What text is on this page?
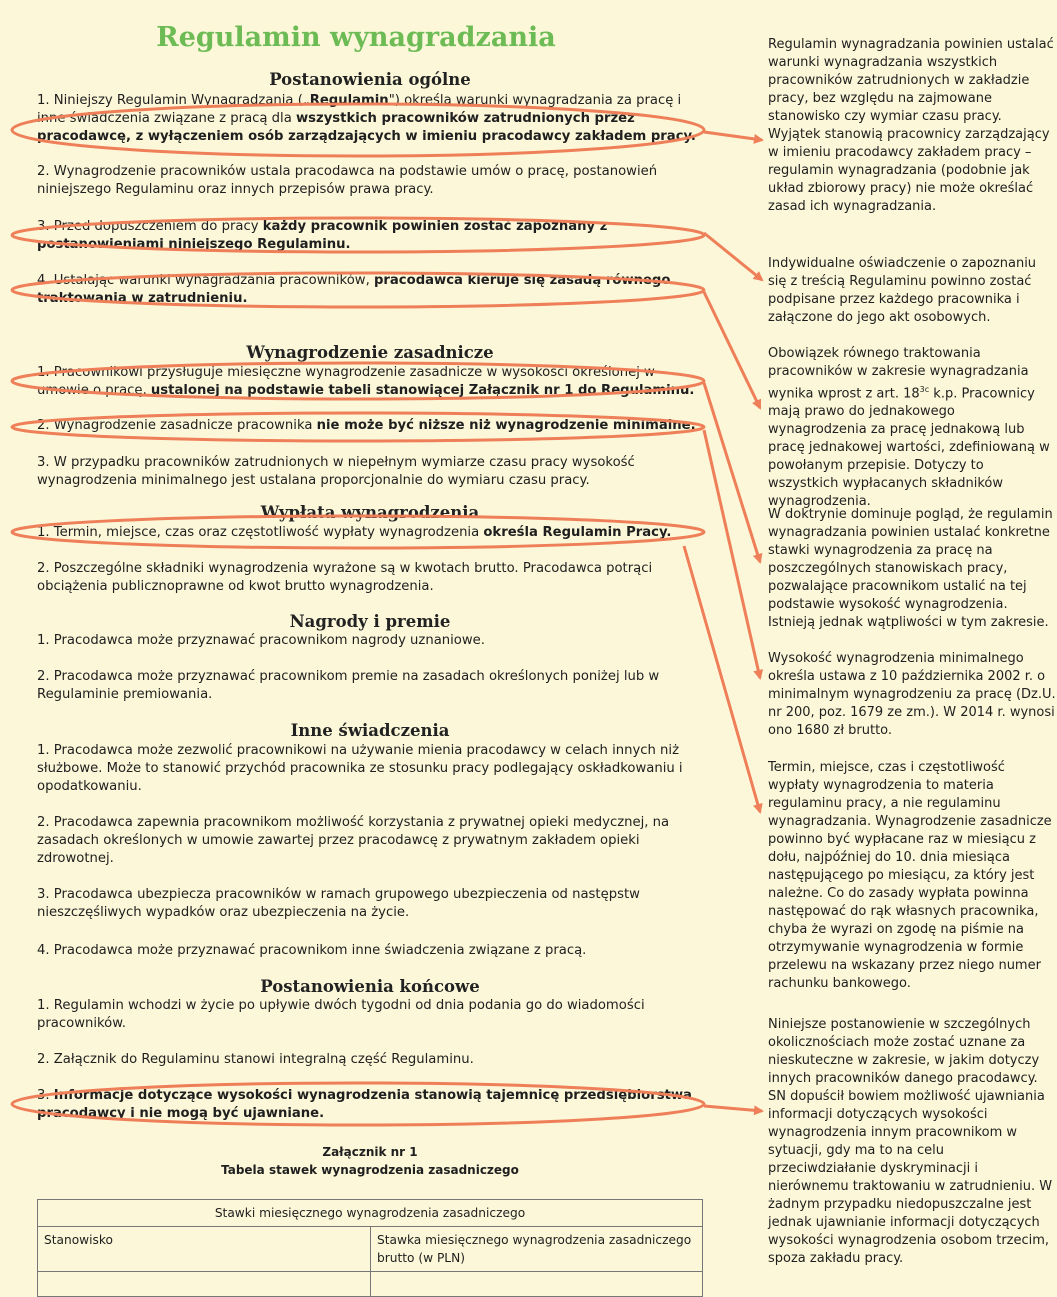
Regulamin wynagradzania
Postanowienia ogólne

1. Niniejszy Regulamin Wynagradzania („Regulamin") określa warunki wynagradzania za pracę i inne świadczenia związane z pracą dla wszystkich pracowników zatrudnionych przez pracodawcę, z wyłączeniem osób zarządzających w imieniu pracodawcy zakładem pracy.

2. Wynagrodzenie pracowników ustala pracodawca na podstawie umów o pracę, postanowień niniejszego Regulaminu oraz innych przepisów prawa pracy.

3. Przed dopuszczeniem do pracy każdy pracownik powinien zostać zapoznany z postanowieniami niniejszego Regulaminu.

4. Ustalając warunki wynagradzania pracowników, pracodawca kieruje się zasadą równego traktowania w zatrudnieniu.

Wynagrodzenie zasadnicze

1. Pracownikowi przysługuje miesięczne wynagrodzenie zasadnicze w wysokości określonej w umowie o pracę, ustalonej na podstawie tabeli stanowiącej Załącznik nr 1 do Regulaminu.

2. Wynagrodzenie zasadnicze pracownika nie może być niższe niż wynagrodzenie minimalne.

3. W przypadku pracowników zatrudnionych w niepełnym wymiarze czasu pracy wysokość wynagrodzenia minimalnego jest ustalana proporcjonalnie do wymiaru czasu pracy.

Wypłata wynagrodzenia

1. Termin, miejsce, czas oraz częstotliwość wypłaty wynagrodzenia określa Regulamin Pracy.

2. Poszczególne składniki wynagrodzenia wyrażone są w kwotach brutto. Pracodawca potrąci obciążenia publicznoprawne od kwot brutto wynagrodzenia.

Nagrody i premie

1. Pracodawca może przyznawać pracownikom nagrody uznaniowe.

2. Pracodawca może przyznawać pracownikom premie na zasadach określonych poniżej lub w Regulaminie premiowania.

Inne świadczenia

1. Pracodawca może zezwolić pracownikowi na używanie mienia pracodawcy w celach innych niż służbowe. Może to stanowić przychód pracownika ze stosunku pracy podlegający oskładkowaniu i opodatkowaniu.

2. Pracodawca zapewnia pracownikom możliwość korzystania z prywatnej opieki medycznej, na zasadach określonych w umowie zawartej przez pracodawcę z prywatnym zakładem opieki zdrowotnej.

3. Pracodawca ubezpiecza pracowników w ramach grupowego ubezpieczenia od następstw nieszczęśliwych wypadków oraz ubezpieczenia na życie.

4. Pracodawca może przyznawać pracownikom inne świadczenia związane z pracą.

Postanowienia końcowe

1. Regulamin wchodzi w życie po upływie dwóch tygodni od dnia podania go do wiadomości pracowników.

2. Załącznik do Regulaminu stanowi integralną część Regulaminu.

3. Informacje dotyczące wysokości wynagrodzenia stanowią tajemnicę przedsiębiorstwa pracodawcy i nie mogą być ujawniane.

Załącznik nr 1
Tabela stawek wynagrodzenia zasadniczego
Stawki miesięcznego wynagrodzenia zasadniczego	
Stanowisko	Stawka miesięcznego wynagrodzenia zasadniczego brutto (w PLN)

Regulamin wynagradzania powinien ustalać warunki wynagradzania wszystkich pracowników zatrudnionych w zakładzie pracy, bez względu na zajmowane stanowisko czy wymiar czasu pracy. Wyjątek stanowią pracownicy zarządzający w imieniu pracodawcy zakładem pracy – regulamin wynagradzania (podobnie jak układ zbiorowy pracy) nie może określać zasad ich wynagradzania.

Indywidualne oświadczenie o zapoznaniu się z treścią Regulaminu powinno zostać podpisane przez każdego pracownika i załączone do jego akt osobowych.

Obowiązek równego traktowania pracowników w zakresie wynagradzania wynika wprost z art. $18^{3c}$ k.p. Pracownicy mają prawo do jednakowego wynagrodzenia za pracę jednakową lub pracę jednakowej wartości, zdefiniowaną w powołanym przepisie. Dotyczy to wszystkich wypłacanych składników wynagrodzenia.

W doktrynie dominuje pogląd, że regulamin wynagradzania powinien ustalać konkretne stawki wynagrodzenia za pracę na poszczególnych stanowiskach pracy, pozwalające pracownikom ustalić na tej podstawie wysokość wynagrodzenia. Istnieją jednak wątpliwości w tym zakresie.

Wysokość wynagrodzenia minimalnego określa ustawa z 10 października 2002 r. o minimalnym wynagrodzeniu za pracę (Dz.U. nr 200, poz. 1679 ze zm.). W 2014 r. wynosi ono 1680 zł brutto.

Termin, miejsce, czas i częstotliwość wypłaty wynagrodzenia to materia regulaminu pracy, a nie regulaminu wynagradzania. Wynagrodzenie zasadnicze powinno być wypłacane raz w miesiącu z dołu, najpóźniej do 10. dnia miesiąca następującego po miesiącu, za który jest należne. Co do zasady wypłata powinna następować do rąk własnych pracownika, chyba że wyrazi on zgodę na piśmie na otrzymywanie wynagrodzenia w formie przelewu na wskazany przez niego numer rachunku bankowego.

Niniejsze postanowienie w szczególnych okolicznościach może zostać uznane za nieskuteczne w zakresie, w jakim dotyczy innych pracowników danego pracodawcy. SN dopuścił bowiem możliwość ujawniania informacji dotyczących wysokości wynagrodzenia innym pracownikom w sytuacji, gdy ma to na celu przeciwdziałanie dyskryminacji i nierównemu traktowaniu w zatrudnieniu. W żadnym przypadku niedopuszczalne jest jednak ujawnianie informacji dotyczących wysokości wynagrodzenia osobom trzecim, spoza zakładu pracy.
